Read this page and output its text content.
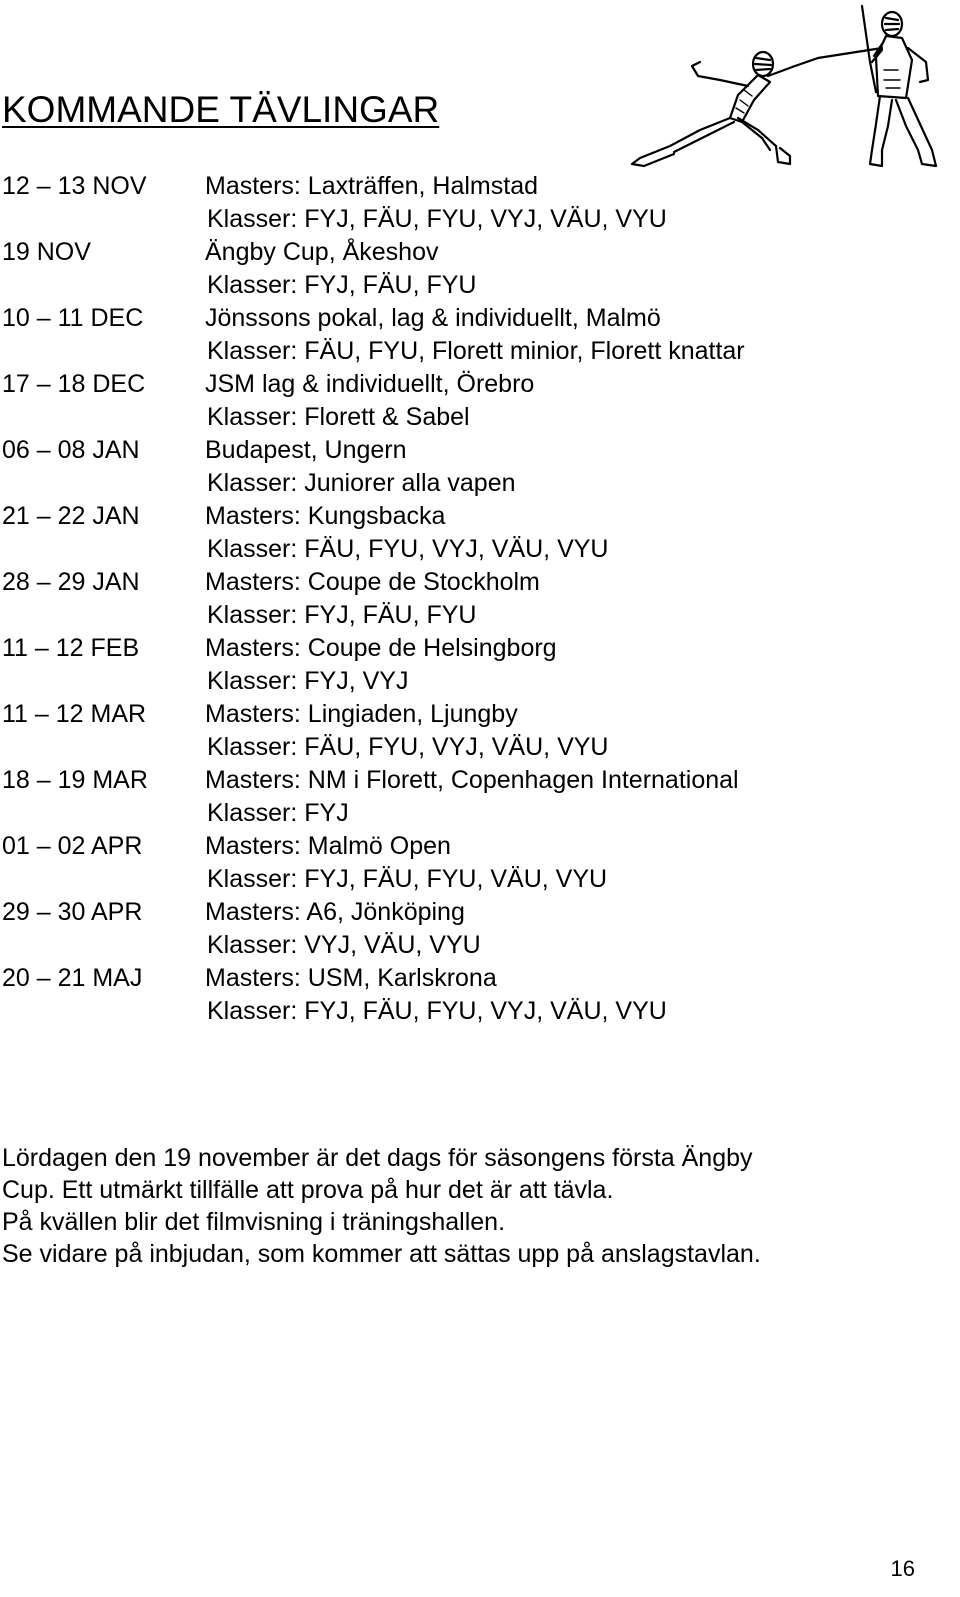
KOMMANDE TÄVLINGAR
12 – 13 NOV Masters: Laxträffen, Halmstad
Klasser: FYJ, FÄU, FYU, VYJ, VÄU, VYU
19 NOV	Ängby Cup, Åkeshov
Klasser: FYJ, FÄU, FYU
10 – 11 DEC Jönssons pokal, lag & individuellt, Malmö
Klasser: FÄU, FYU, Florett minior, Florett knattar
17 – 18 DEC JSM lag & individuellt, Örebro
Klasser: Florett & Sabel
06 – 08 JAN	Budapest, Ungern
Klasser: Juniorer alla vapen
21 – 22 JAN	Masters: Kungsbacka
Klasser: FÄU, FYU, VYJ, VÄU, VYU
28 – 29 JAN	Masters: Coupe de Stockholm
Klasser: FYJ, FÄU, FYU
11 – 12 FEB	Masters: Coupe de Helsingborg
Klasser: FYJ, VYJ
11 – 12 MAR Masters: Lingiaden, Ljungby
Klasser: FÄU, FYU, VYJ, VÄU, VYU
18 – 19 MAR Masters: NM i Florett, Copenhagen International
Klasser: FYJ
01 – 02 APR	Masters: Malmö Open
Klasser: FYJ, FÄU, FYU, VÄU, VYU
29 – 30 APR	Masters: A6, Jönköping
Klasser: VYJ, VÄU, VYU
20 – 21 MAJ	Masters: USM, Karlskrona
Klasser: FYJ, FÄU, FYU, VYJ, VÄU, VYU

Lördagen den 19 november är det dags för säsongens första Ängby

Cup. Ett utmärkt tillfälle att prova på hur det är att tävla.

På kvällen blir det filmvisning i träningshallen.

Se vidare på inbjudan, som kommer att sättas upp på anslagstavlan.

16
